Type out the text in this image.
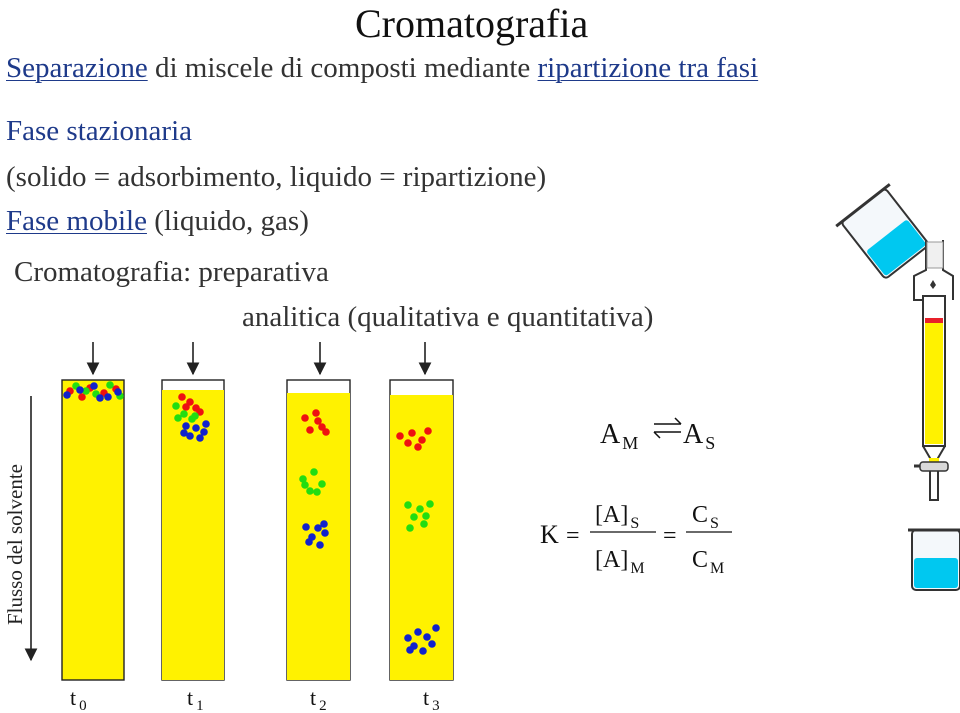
Cromatografia
Separazione di miscele di composti mediante ripartizione tra fasi
Fase stazionaria
(solido = adsorbimento, liquido = ripartizione)
Fase mobile (liquido, gas)
Cromatografia: preparativa
analitica (qualitativa e quantitativa)
Flusso del solvente
t $_0$	t $_1$	t $_2$	t $_3$
A $_M$ A $_S$
K =
[A] $_S$
[A] $_M$
=
C $_S$
C $_M$
